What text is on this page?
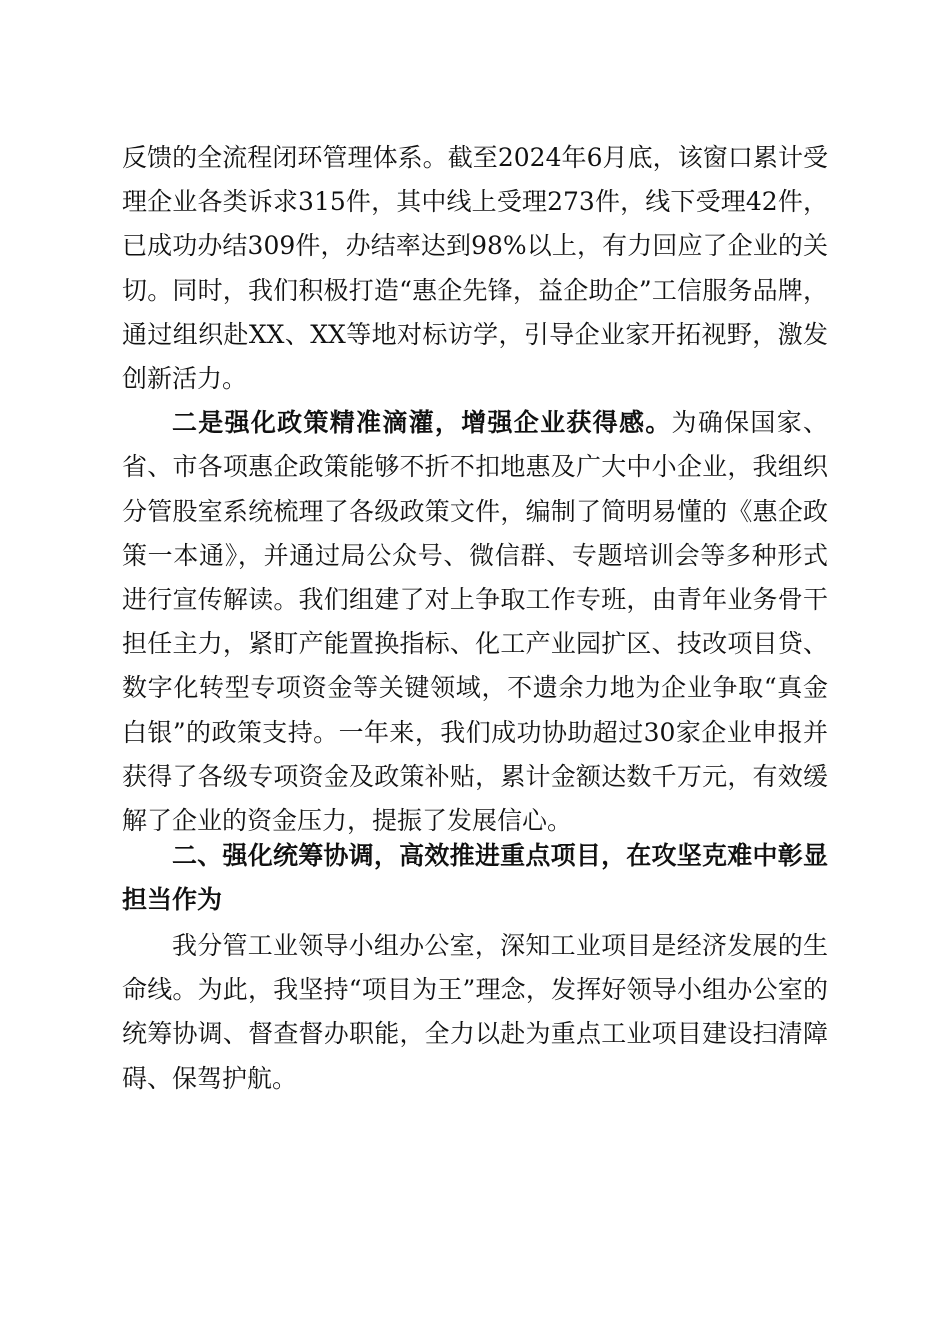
反馈的全流程闭环管理体系。截至2024年6月底，该窗口累计受理企业各类诉求315件，其中线上受理273件，线下受理42件，已成功办结309件，办结率达到98%以上，有力回应了企业的关切。同时，我们积极打造“惠企先锋，益企助企”工信服务品牌，通过组织赴XX、XX等地对标访学，引导企业家开拓视野，激发创新活力。

二是强化政策精准滴灌，增强企业获得感。为确保国家、省、市各项惠企政策能够不折不扣地惠及广大中小企业，我组织分管股室系统梳理了各级政策文件，编制了简明易懂的《惠企政策一本通》，并通过局公众号、微信群、专题培训会等多种形式进行宣传解读。我们组建了对上争取工作专班，由青年业务骨干担任主力，紧盯产能置换指标、化工产业园扩区、技改项目贷、数字化转型专项资金等关键领域，不遗余力地为企业争取“真金白银”的政策支持。一年来，我们成功协助超过30家企业申报并获得了各级专项资金及政策补贴，累计金额达数千万元，有效缓解了企业的资金压力，提振了发展信心。

二、强化统筹协调，高效推进重点项目，在攻坚克难中彰显担当作为

我分管工业领导小组办公室，深知工业项目是经济发展的生命线。为此，我坚持“项目为王”理念，发挥好领导小组办公室的统筹协调、督查督办职能，全力以赴为重点工业项目建设扫清障碍、保驾护航。
